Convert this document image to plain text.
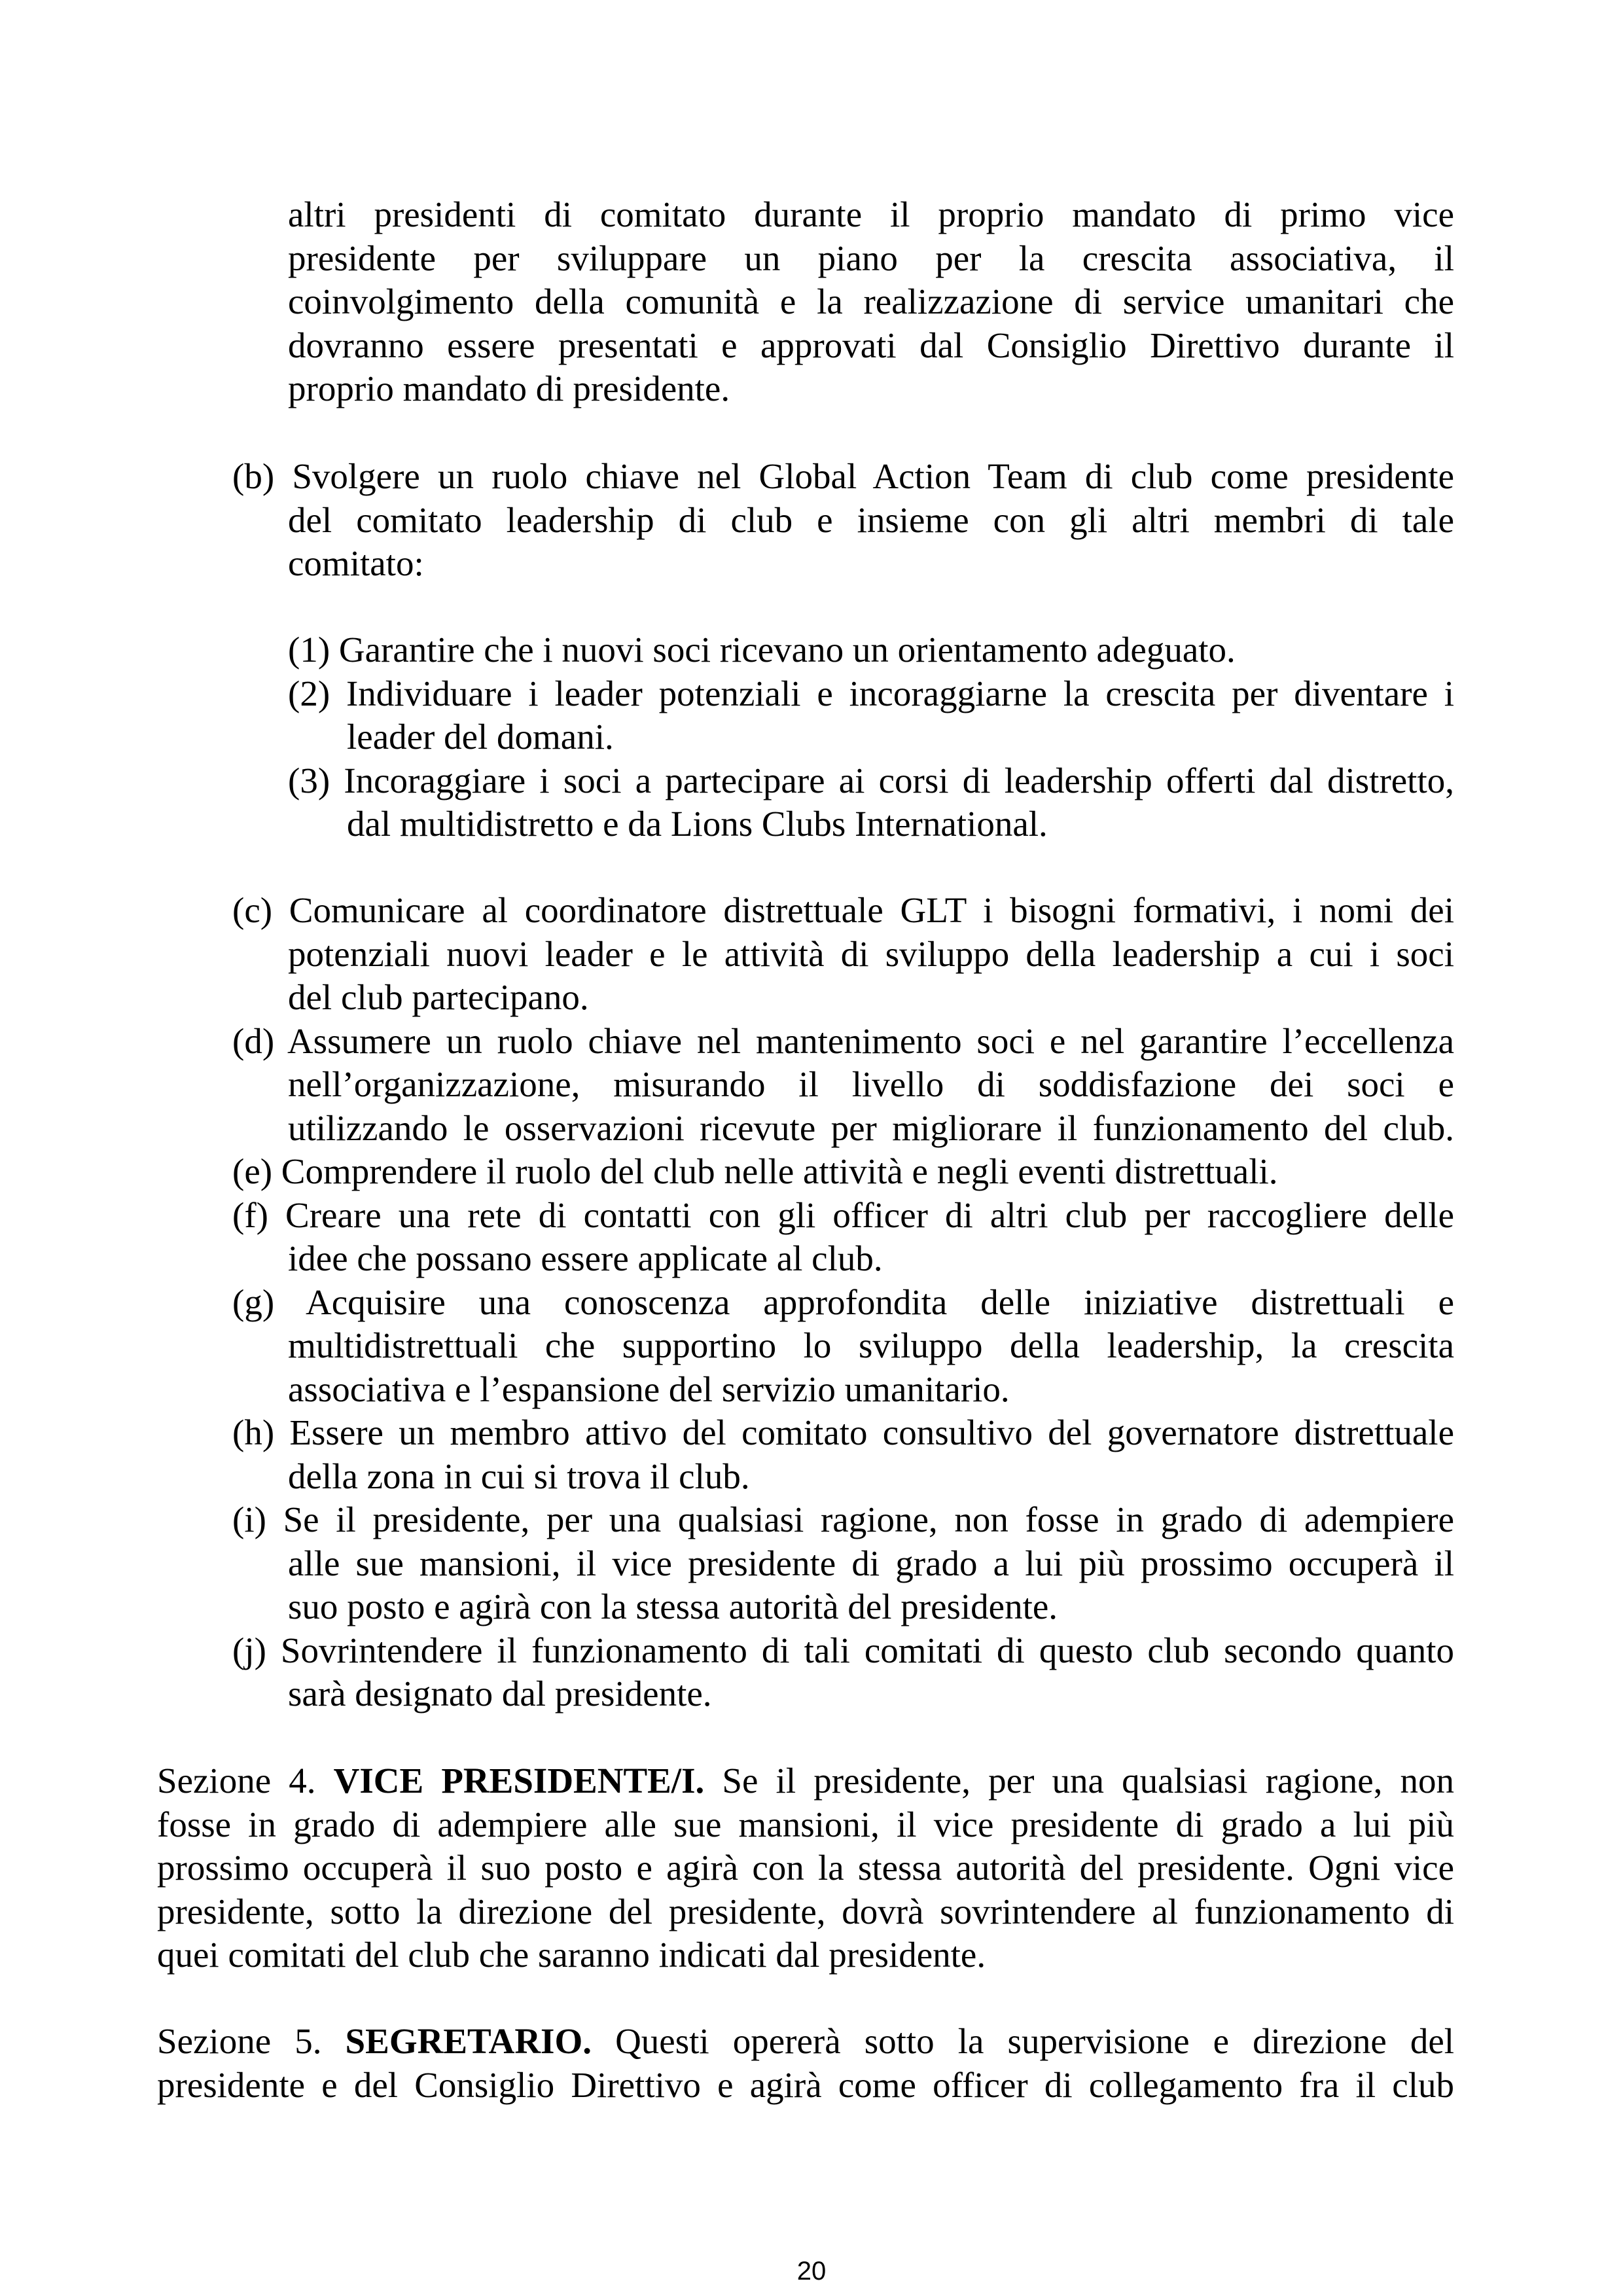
altri presidenti di comitato durante il proprio mandato di primo vice
presidente per sviluppare un piano per la crescita associativa, il
coinvolgimento della comunità e la realizzazione di service umanitari che
dovranno essere presentati e approvati dal Consiglio Direttivo durante il
proprio mandato di presidente.
(b) Svolgere un ruolo chiave nel Global Action Team di club come presidente
del comitato leadership di club e insieme con gli altri membri di tale
comitato:
(1) Garantire che i nuovi soci ricevano un orientamento adeguato.
(2) Individuare i leader potenziali e incoraggiarne la crescita per diventare i
leader del domani.
(3) Incoraggiare i soci a partecipare ai corsi di leadership offerti dal distretto,
dal multidistretto e da Lions Clubs International.
(c) Comunicare al coordinatore distrettuale GLT i bisogni formativi, i nomi dei
potenziali nuovi leader e le attività di sviluppo della leadership a cui i soci
del club partecipano.
(d) Assumere un ruolo chiave nel mantenimento soci e nel garantire l’eccellenza
nell’organizzazione, misurando il livello di soddisfazione dei soci e
utilizzando le osservazioni ricevute per migliorare il funzionamento del club.
(e) Comprendere il ruolo del club nelle attività e negli eventi distrettuali.
(f) Creare una rete di contatti con gli officer di altri club per raccogliere delle
idee che possano essere applicate al club.
(g) Acquisire una conoscenza approfondita delle iniziative distrettuali e
multidistrettuali che supportino lo sviluppo della leadership, la crescita
associativa e l’espansione del servizio umanitario.
(h) Essere un membro attivo del comitato consultivo del governatore distrettuale
della zona in cui si trova il club.
(i) Se il presidente, per una qualsiasi ragione, non fosse in grado di adempiere
alle sue mansioni, il vice presidente di grado a lui più prossimo occuperà il
suo posto e agirà con la stessa autorità del presidente.
(j) Sovrintendere il funzionamento di tali comitati di questo club secondo quanto
sarà designato dal presidente.
Sezione 4. VICE PRESIDENTE/I. Se il presidente, per una qualsiasi ragione, non
fosse in grado di adempiere alle sue mansioni, il vice presidente di grado a lui più
prossimo occuperà il suo posto e agirà con la stessa autorità del presidente. Ogni vice
presidente, sotto la direzione del presidente, dovrà sovrintendere al funzionamento di
quei comitati del club che saranno indicati dal presidente.
Sezione 5. SEGRETARIO. Questi opererà sotto la supervisione e direzione del
presidente e del Consiglio Direttivo e agirà come officer di collegamento fra il club
20
